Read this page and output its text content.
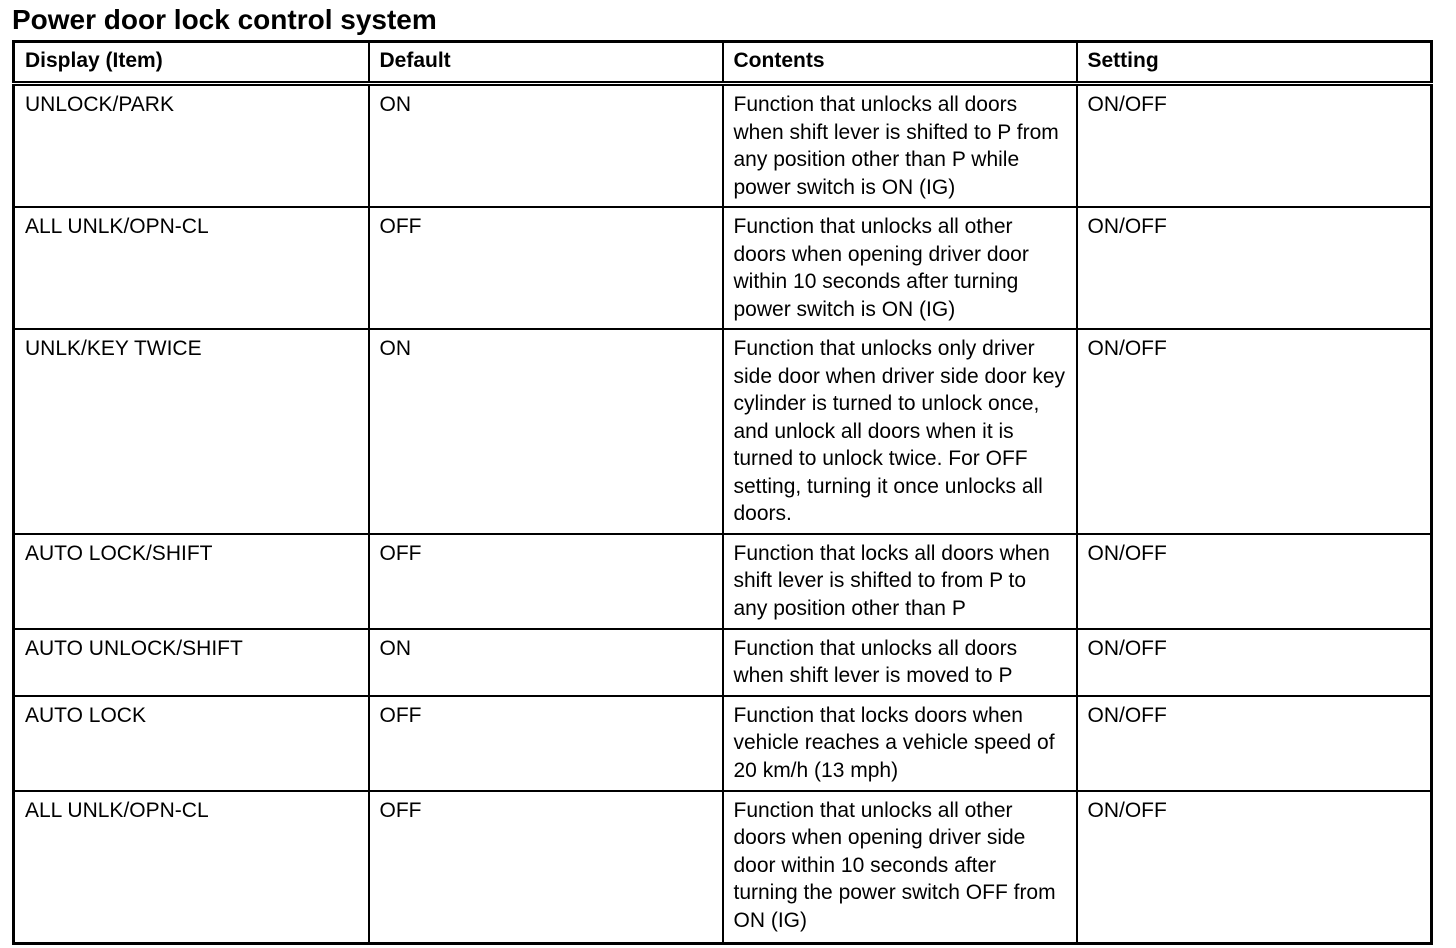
Power door lock control system
Display (Item)	Default	Contents	Setting
UNLOCK/PARK	ON	Function that unlocks all doors when shift lever is shifted to P from any position other than P while power switch is ON (IG)	ON/OFF
ALL UNLK/OPN-CL	OFF	Function that unlocks all other doors when opening driver door within 10 seconds after turning power switch is ON (IG)	ON/OFF
UNLK/KEY TWICE	ON	Function that unlocks only driver side door when driver side door key cylinder is turned to unlock once, and unlock all doors when it is turned to unlock twice. For OFF setting, turning it once unlocks all doors.	ON/OFF
AUTO LOCK/SHIFT	OFF	Function that locks all doors when shift lever is shifted to from P to any position other than P	ON/OFF
AUTO UNLOCK/SHIFT	ON	Function that unlocks all doors when shift lever is moved to P	ON/OFF
AUTO LOCK	OFF	Function that locks doors when vehicle reaches a vehicle speed of 20 km/h (13 mph)	ON/OFF
ALL UNLK/OPN-CL	OFF	Function that unlocks all other doors when opening driver side door within 10 seconds after turning the power switch OFF from ON (IG)	ON/OFF
